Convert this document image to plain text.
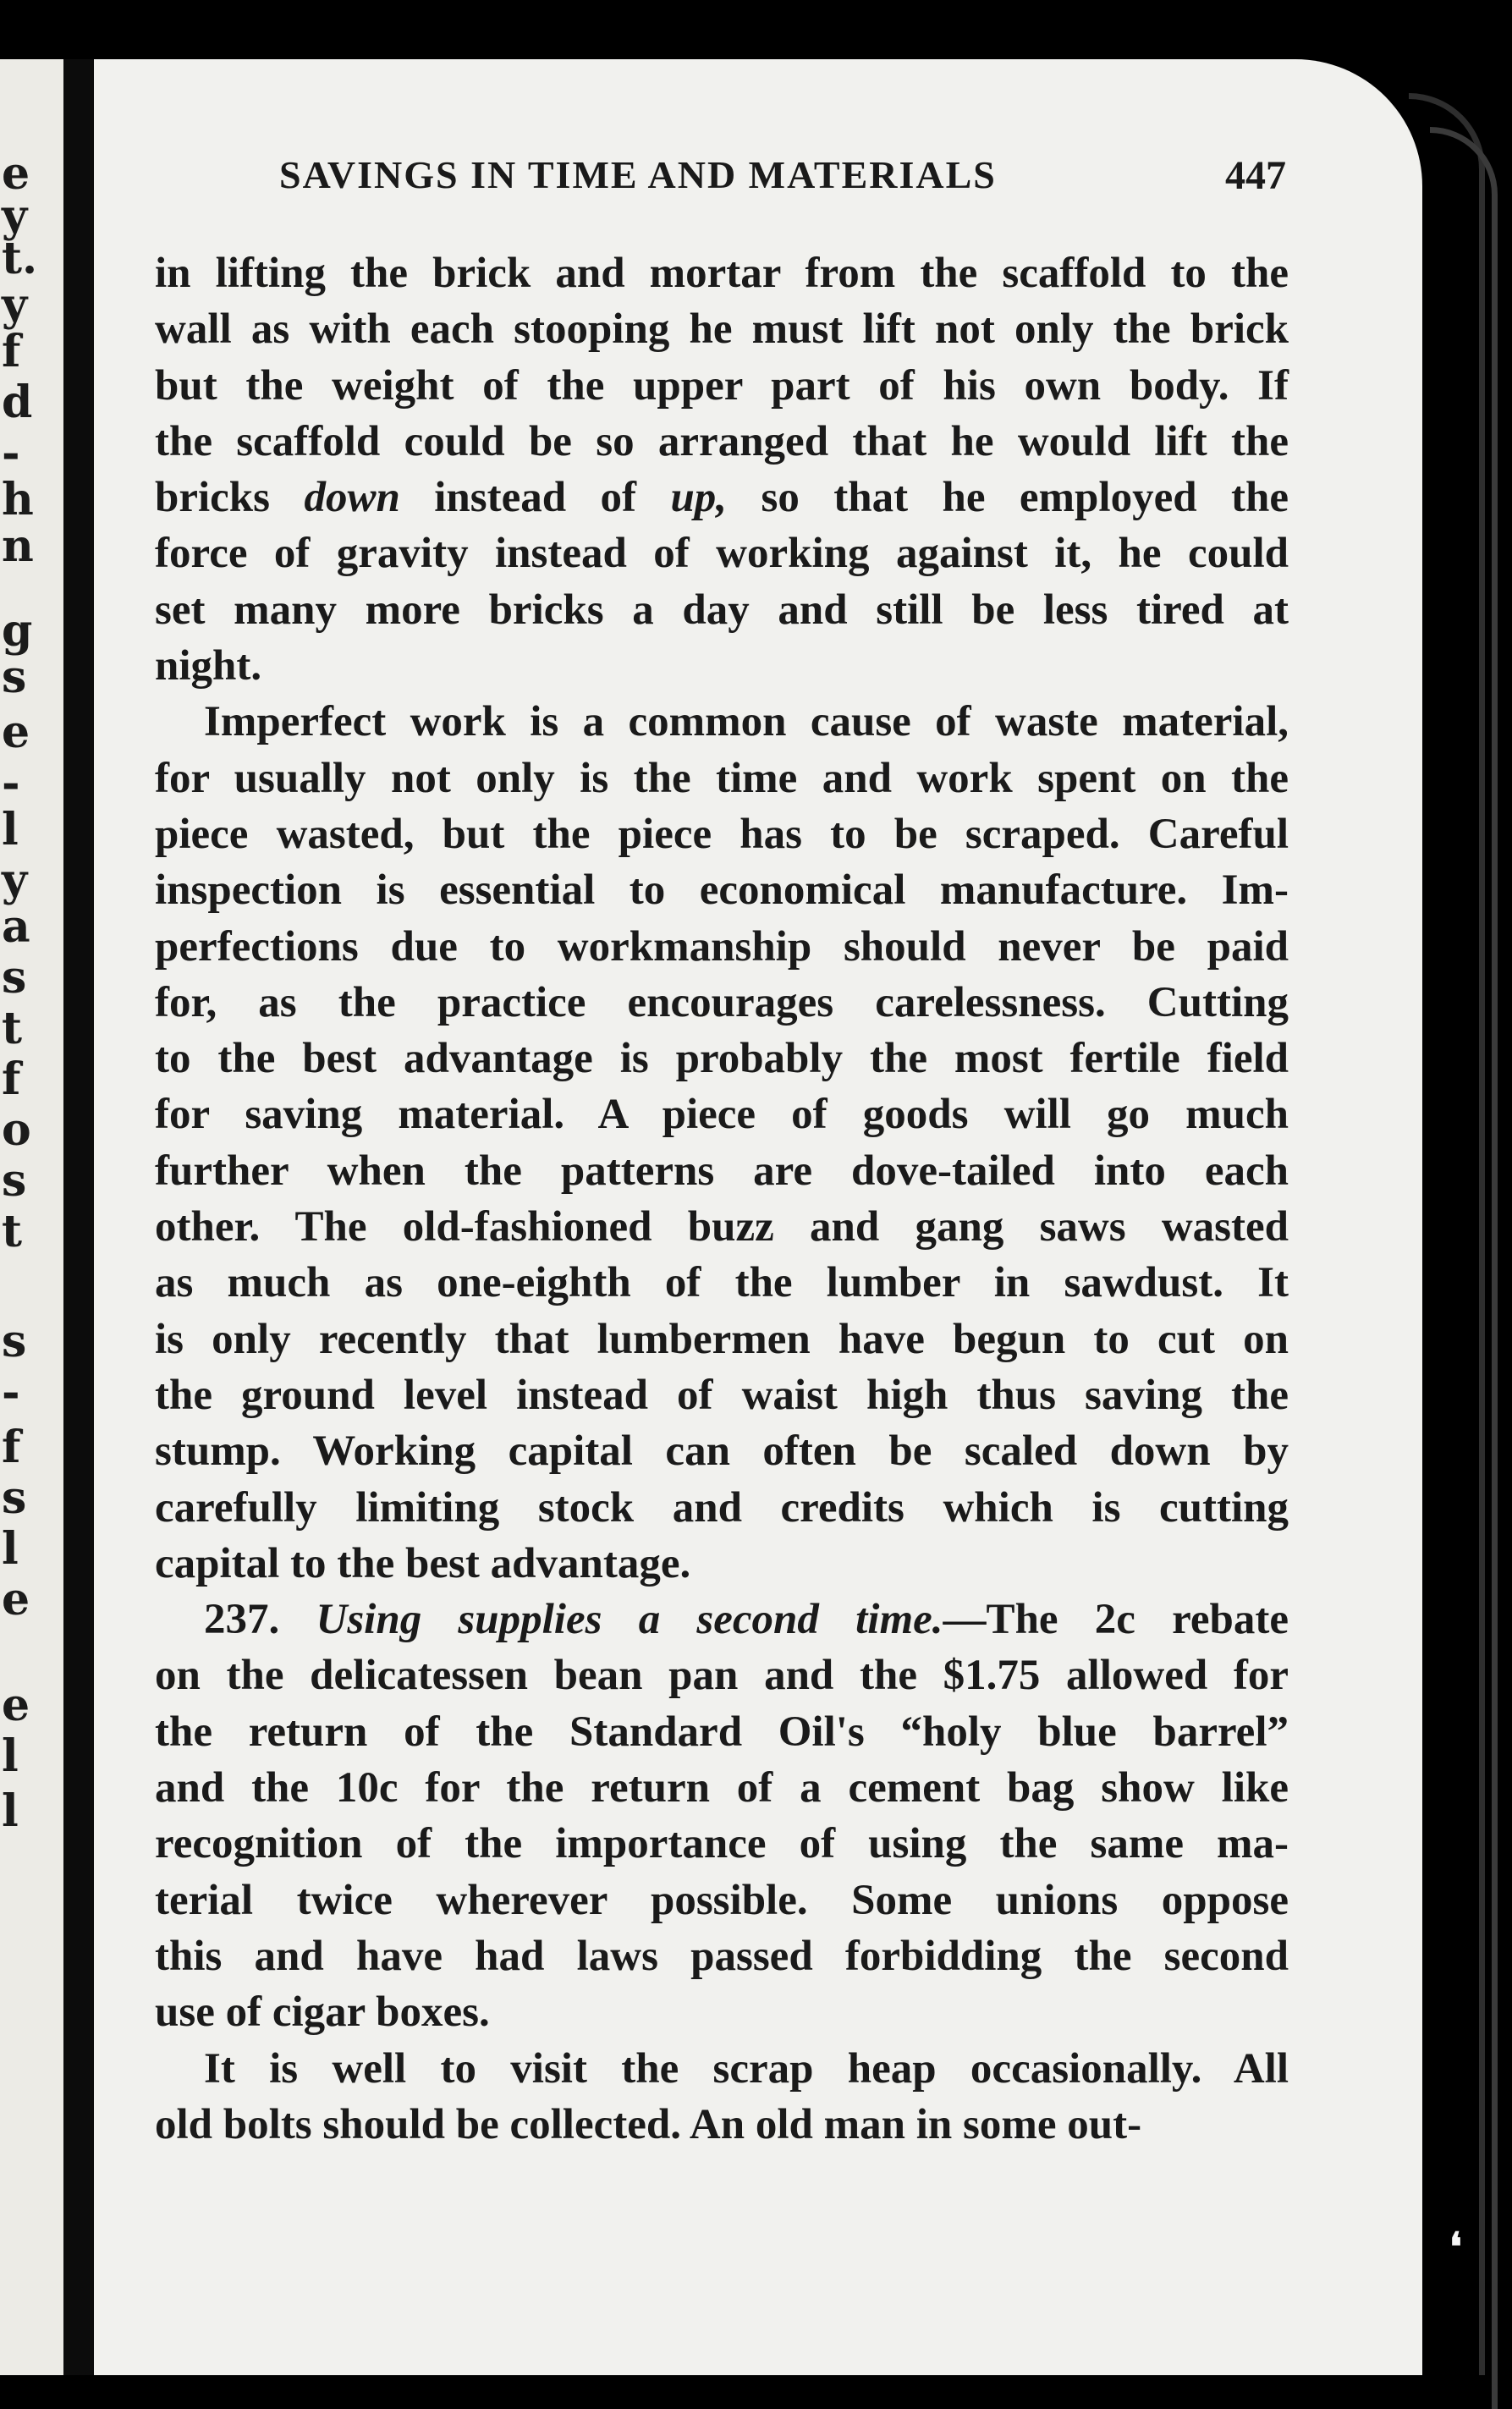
e
y
t.
y
f
d
-
h
n
g
s
e
-
l
y
a
s
t
f
o
s
t
s
-
f
s
l
e
e
l
l
SAVINGS IN TIME AND MATERIALS	447
in lifting the brick and mortar from the scaffold to the
wall as with each stooping he must lift not only the brick
but the weight of the upper part of his own body. If
the scaffold could be so arranged that he would lift the
bricks down instead of up, so that he employed the
force of gravity instead of working against it, he could
set many more bricks a day and still be less tired at
night.
Imperfect work is a common cause of waste material,
for usually not only is the time and work spent on the
piece wasted, but the piece has to be scraped. Careful
inspection is essential to economical manufacture. Im-
perfections due to workmanship should never be paid
for, as the practice encourages carelessness. Cutting
to the best advantage is probably the most fertile field
for saving material. A piece of goods will go much
further when the patterns are dove-tailed into each
other. The old-fashioned buzz and gang saws wasted
as much as one-eighth of the lumber in sawdust. It
is only recently that lumbermen have begun to cut on
the ground level instead of waist high thus saving the
stump. Working capital can often be scaled down by
carefully limiting stock and credits which is cutting
capital to the best advantage.
237. Using supplies a second time.—The 2c rebate
on the delicatessen bean pan and the $1.75 allowed for
the return of the Standard Oil's “holy blue barrel”
and the 10c for the return of a cement bag show like
recognition of the importance of using the same ma-
terial twice wherever possible. Some unions oppose
this and have had laws passed forbidding the second
use of cigar boxes.
It is well to visit the scrap heap occasionally. All
old bolts should be collected. An old man in some out-
❛
